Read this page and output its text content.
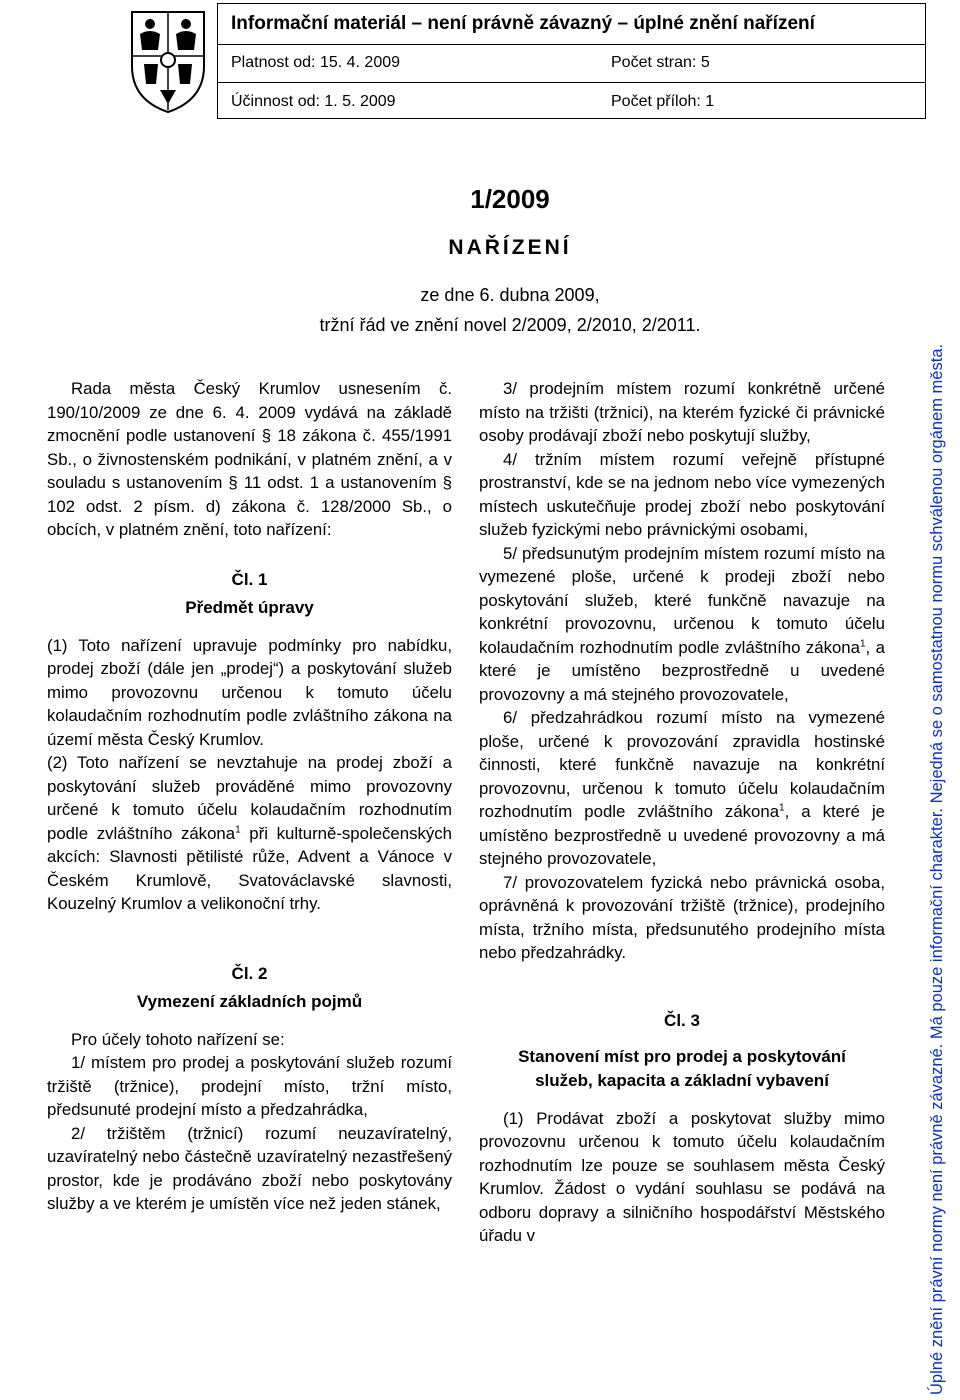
Informační materiál – není právně závazný – úplné znění nařízení
Platnost od: 15. 4. 2009	Počet stran: 5
Účinnost od: 1. 5. 2009	Počet příloh: 1
1/2009
NAŘÍZENÍ
ze dne 6. dubna 2009,
tržní řád ve znění novel 2/2009, 2/2010, 2/2011.

Rada města Český Krumlov usnesením č. 190/10/2009 ze dne 6. 4. 2009 vydává na základě zmocnění podle ustanovení § 18 zákona č. 455/1991 Sb., o živnostenském podnikání, v platném znění, a v souladu s ustanovením § 11 odst. 1 a ustanovením § 102 odst. 2 písm. d) zákona č. 128/2000 Sb., o obcích, v platném znění, toto nařízení:

Čl. 1
Předmět úpravy

(1) Toto nařízení upravuje podmínky pro nabídku, prodej zboží (dále jen „prodej“) a poskytování služeb mimo provozovnu určenou k tomuto účelu kolaudačním rozhodnutím podle zvláštního zákona na území města Český Krumlov.

(2) Toto nařízení se nevztahuje na prodej zboží a poskytování služeb prováděné mimo provozovny určené k tomuto účelu kolaudačním rozhodnutím podle zvláštního zákona$^1$ při kulturně-společenských akcích: Slavnosti pětilisté růže, Advent a Vánoce v Českém Krumlově, Svatováclavské slavnosti, Kouzelný Krumlov a velikonoční trhy.

Čl. 2
Vymezení základních pojmů

Pro účely tohoto nařízení se:

1/ místem pro prodej a poskytování služeb rozumí tržiště (tržnice), prodejní místo, tržní místo, předsunuté prodejní místo a předzahrádka,

2/ tržištěm (tržnicí) rozumí neuzavíratelný, uzavíratelný nebo částečně uzavíratelný nezastřešený prostor, kde je prodáváno zboží nebo poskytovány služby a ve kterém je umístěn více než jeden stánek,

3/ prodejním místem rozumí konkrétně určené místo na tržišti (tržnici), na kterém fyzické či právnické osoby prodávají zboží nebo poskytují služby,

4/ tržním místem rozumí veřejně přístupné prostranství, kde se na jednom nebo více vymezených místech uskutečňuje prodej zboží nebo poskytování služeb fyzickými nebo právnickými osobami,

5/ předsunutým prodejním místem rozumí místo na vymezené ploše, určené k prodeji zboží nebo poskytování služeb, které funkčně navazuje na konkrétní provozovnu, určenou k tomuto účelu kolaudačním rozhodnutím podle zvláštního zákona$^1$, a které je umístěno bezprostředně u uvedené provozovny a má stejného provozovatele,

6/ předzahrádkou rozumí místo na vymezené ploše, určené k provozování zpravidla hostinské činnosti, které funkčně navazuje na konkrétní provozovnu, určenou k tomuto účelu kolaudačním rozhodnutím podle zvláštního zákona$^1$, a které je umístěno bezprostředně u uvedené provozovny a má stejného provozovatele,

7/ provozovatelem fyzická nebo právnická osoba, oprávněná k provozování tržiště (tržnice), prodejního místa, tržního místa, předsunutého prodejního místa nebo předzahrádky.

Čl. 3
Stanovení míst pro prodej a poskytování služeb, kapacita a základní vybavení

(1) Prodávat zboží a poskytovat služby mimo provozovnu určenou k tomuto účelu kolaudačním rozhodnutím lze pouze se souhlasem města Český Krumlov. Žádost o vydání souhlasu se podává na odboru dopravy a silničního hospodářství Městského úřadu v	Úplné znění právní normy není právně závazné. Má pouze informační charakter. Nejedná se o samostatnou normu schválenou orgánem města.
